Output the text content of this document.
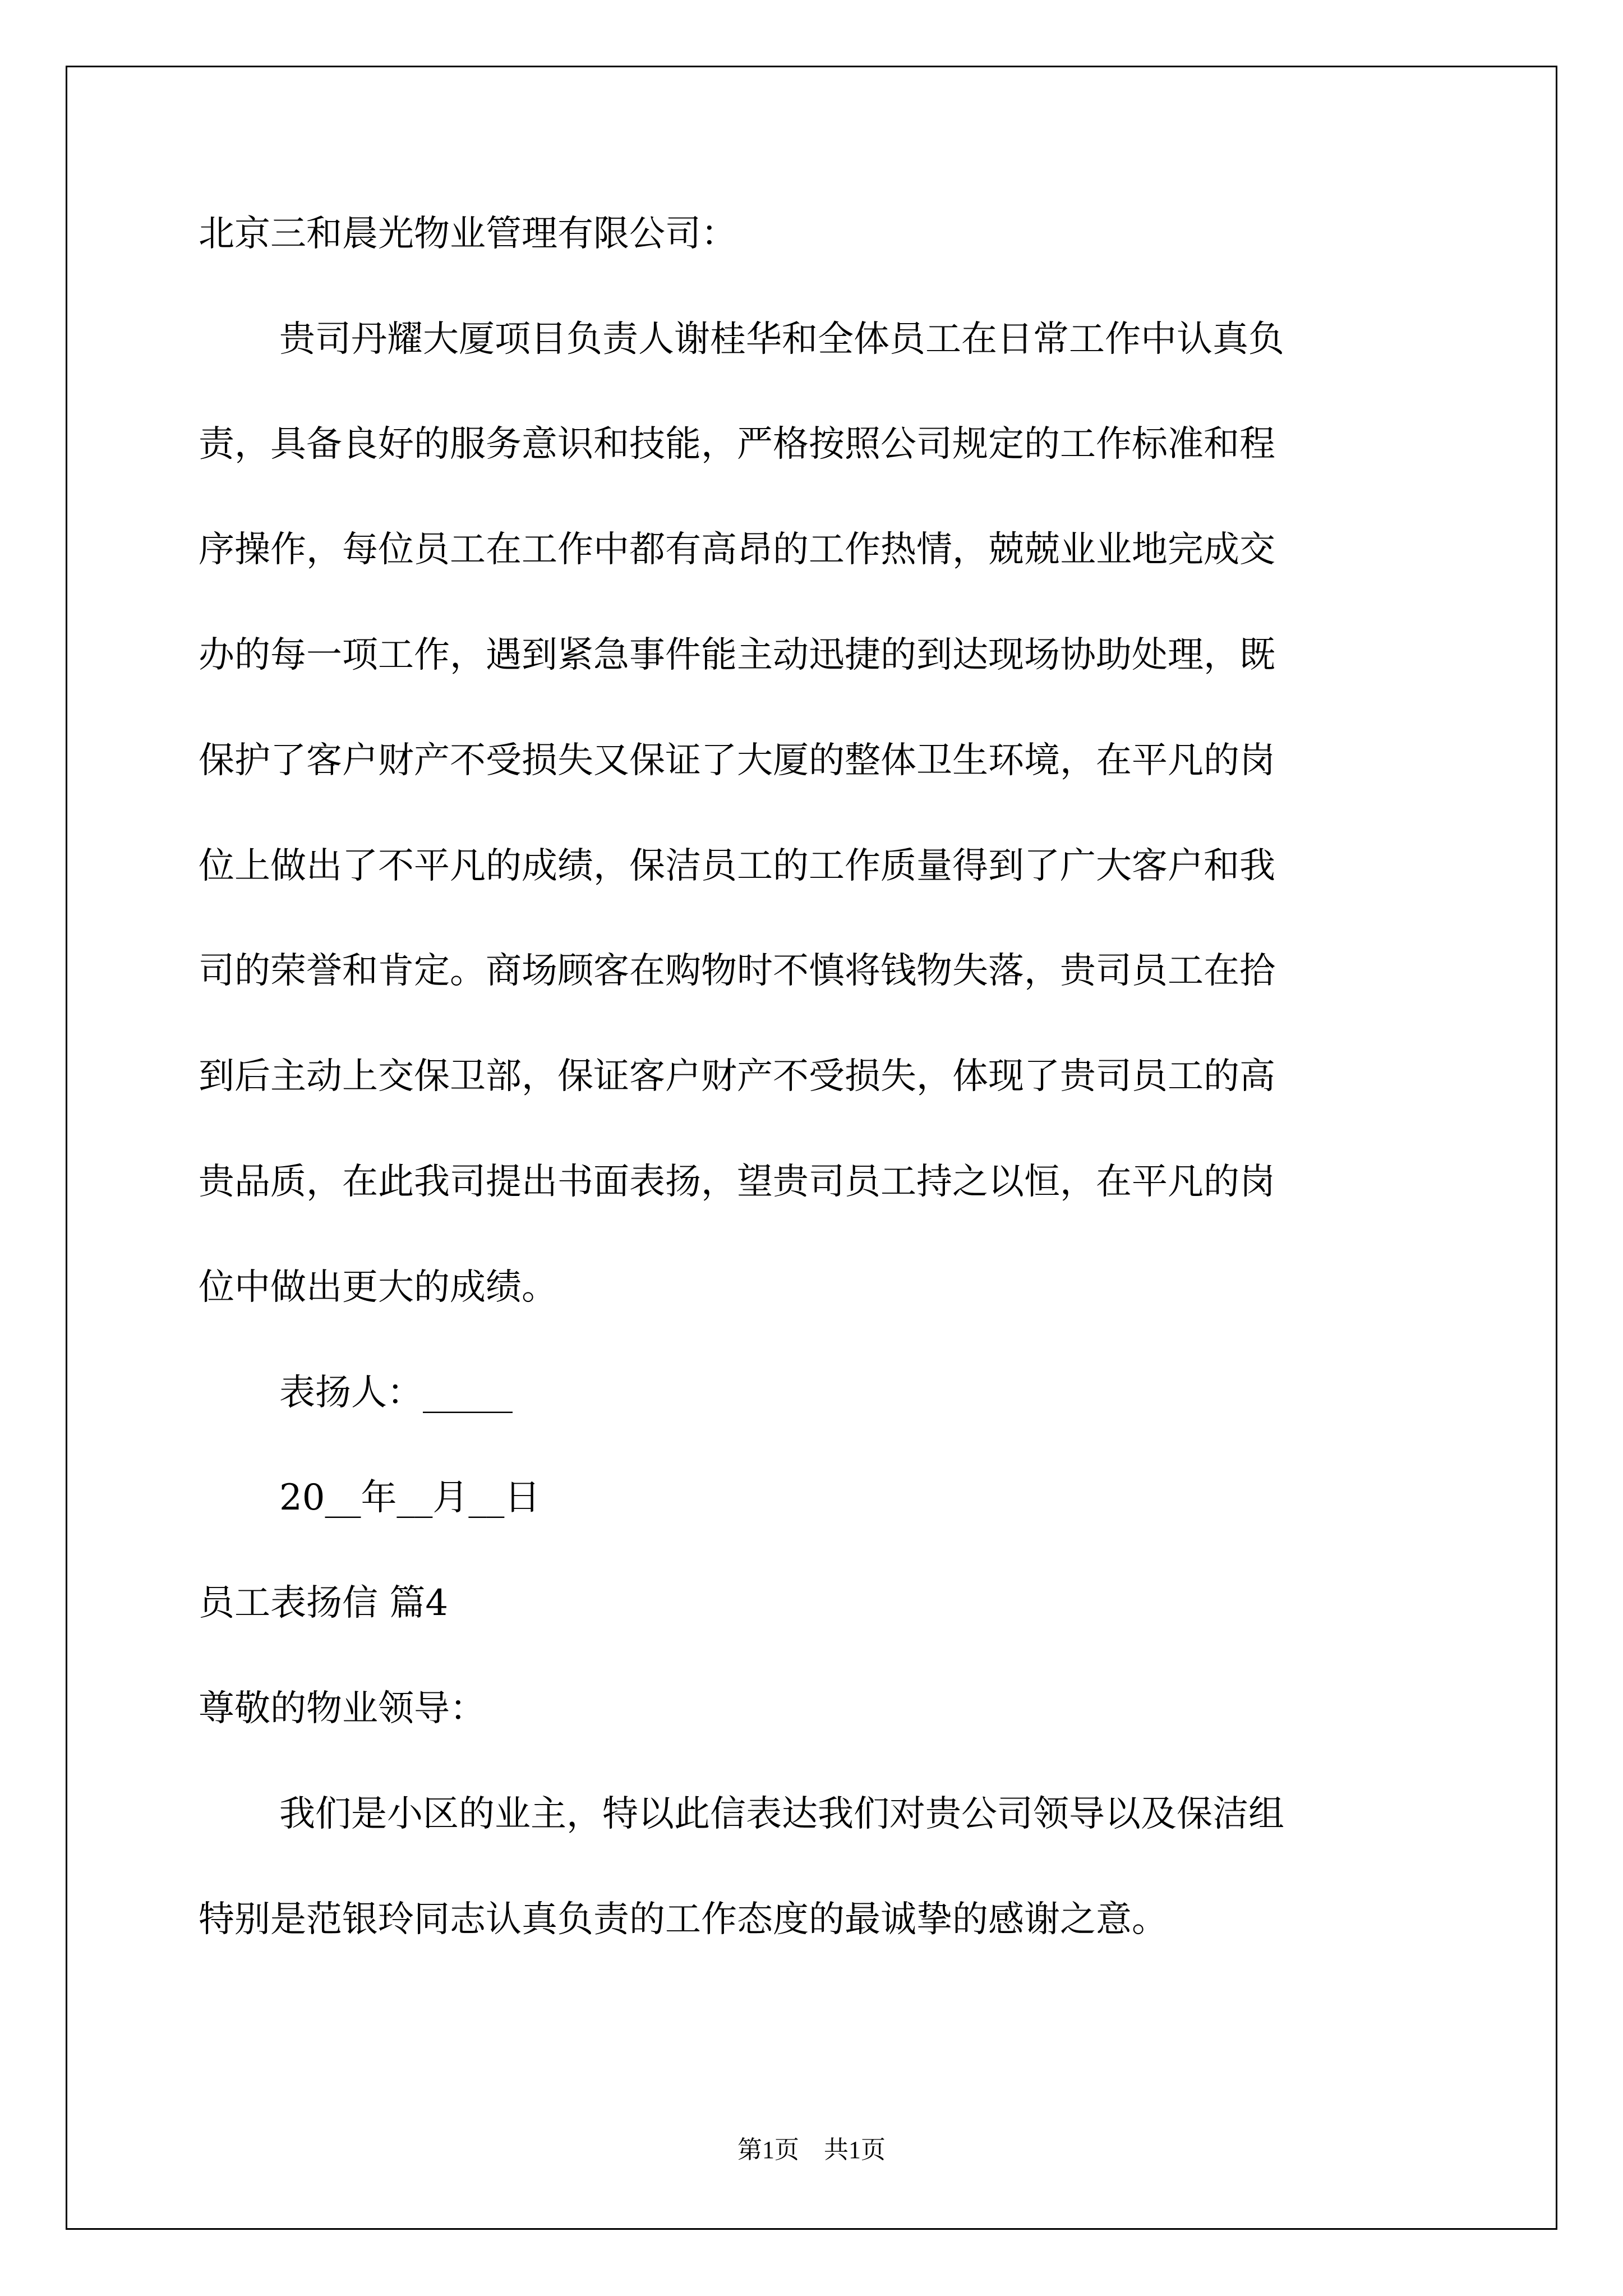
北京三和晨光物业管理有限公司：
贵司丹耀大厦项目负责人谢桂华和全体员工在日常工作中认真负
责，具备良好的服务意识和技能，严格按照公司规定的工作标准和程
序操作，每位员工在工作中都有高昂的工作热情，兢兢业业地完成交
办的每一项工作，遇到紧急事件能主动迅捷的到达现场协助处理，既
保护了客户财产不受损失又保证了大厦的整体卫生环境，在平凡的岗
位上做出了不平凡的成绩，保洁员工的工作质量得到了广大客户和我
司的荣誉和肯定。商场顾客在购物时不慎将钱物失落，贵司员工在拾
到后主动上交保卫部，保证客户财产不受损失，体现了贵司员工的高
贵品质，在此我司提出书面表扬，望贵司员工持之以恒，在平凡的岗
位中做出更大的成绩。
表扬人：_____
20__年__月__日
员工表扬信 篇4
尊敬的物业领导：
我们是小区的业主，特以此信表达我们对贵公司领导以及保洁组
特别是范银玲同志认真负责的工作态度的最诚挚的感谢之意。
第1页　共1页
